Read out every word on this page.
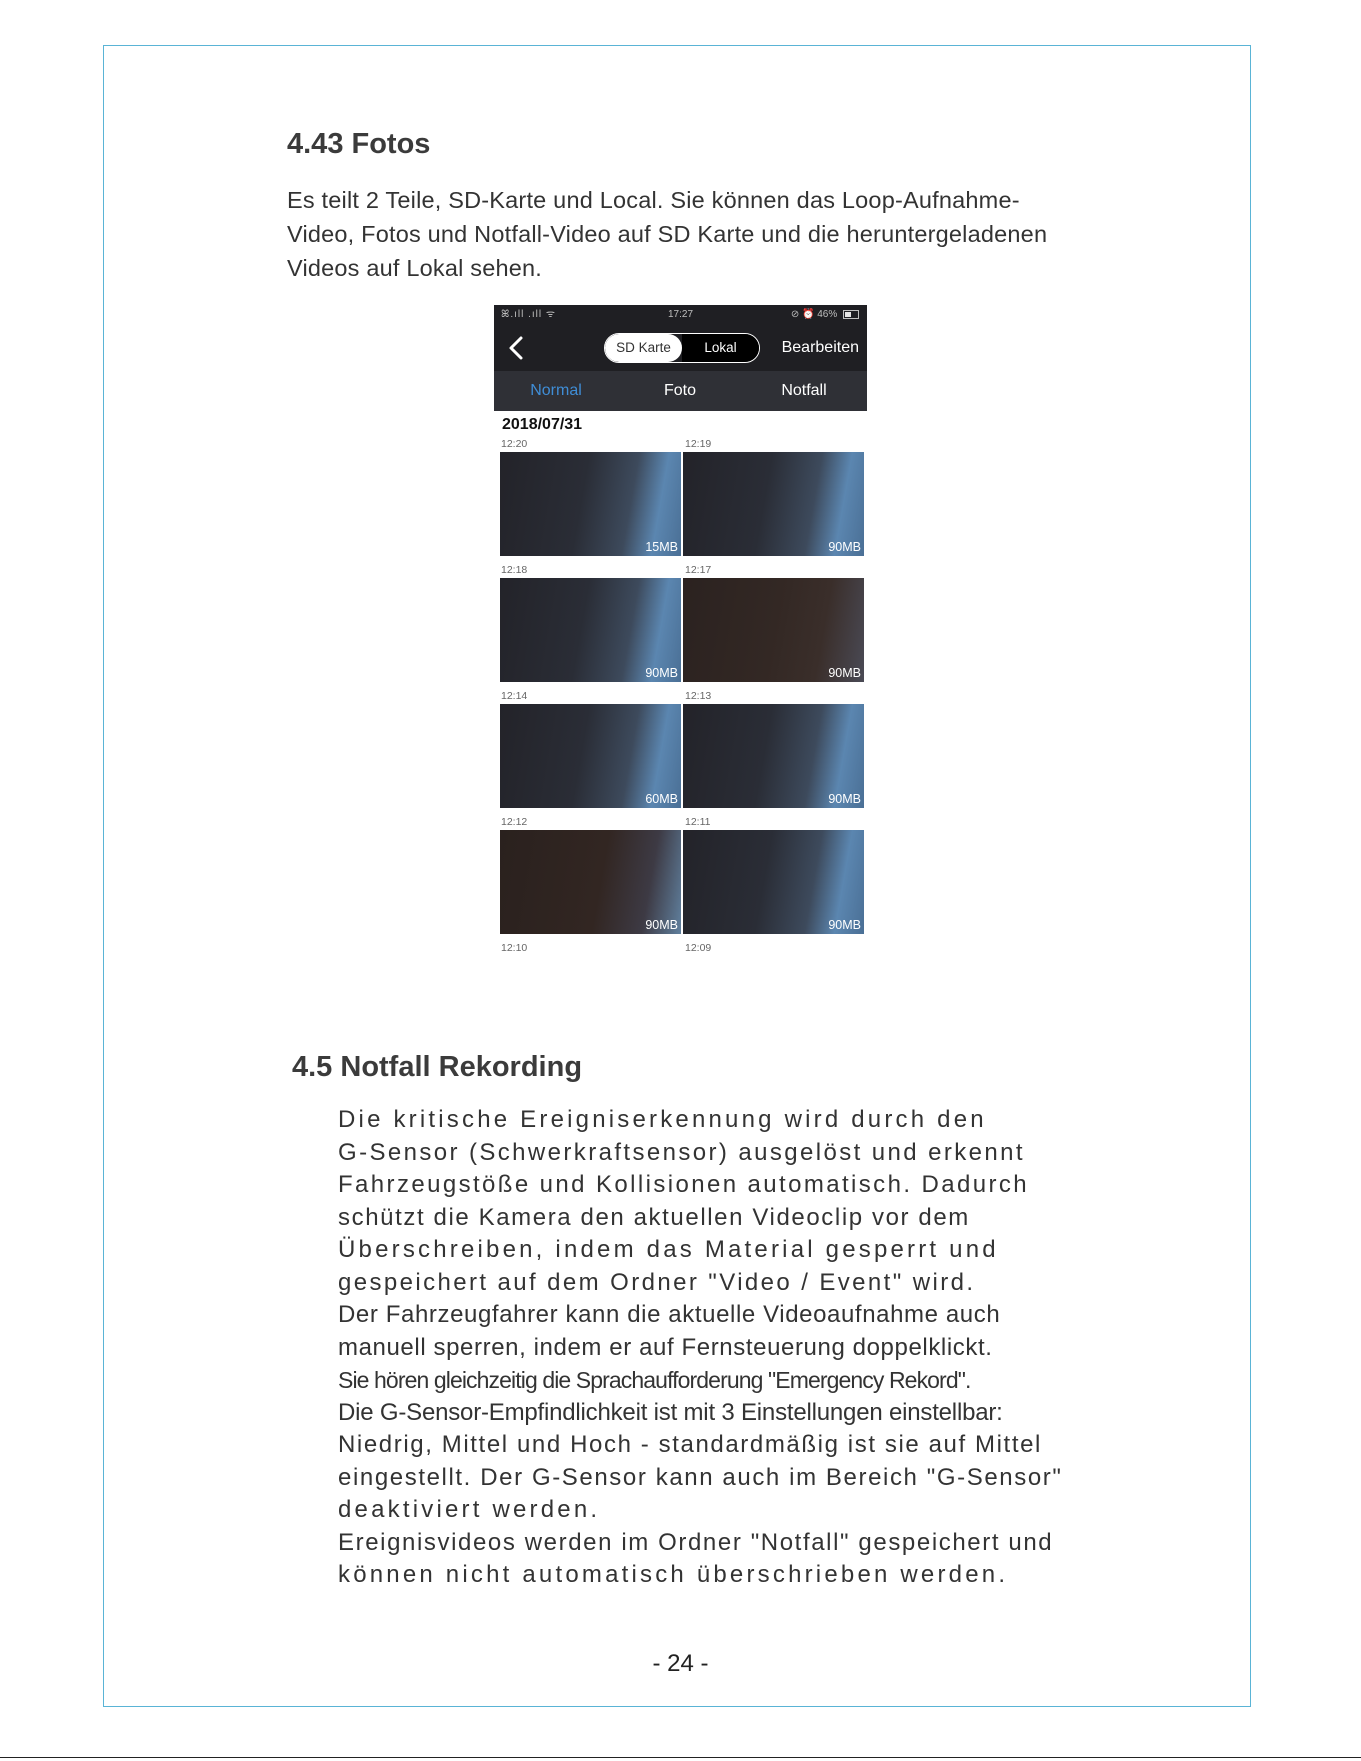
4.43 Fotos

Es teilt 2 Teile, SD-Karte und Local. Sie können das Loop-Aufnahme-

Video, Fotos und Notfall-Video auf SD Karte und die heruntergeladenen

Videos auf Lokal sehen.

ꕤ.ıll .ıll ᯤ	17:27	⊘ ⏰ 46%
SD Karte	Lokal	Bearbeiten
Normal	Foto	Notfall
2018/07/31
12:20	12:19
15MB	90MB
12:18	12:17
90MB	90MB
12:14	12:13
60MB	90MB
12:12	12:11
90MB	90MB
12:10	12:09
4.5 Notfall Rekording

Die kritische Ereigniserkennung wird durch den

G-Sensor (Schwerkraftsensor) ausgelöst und erkennt

Fahrzeugstöße und Kollisionen automatisch. Dadurch

schützt die Kamera den aktuellen Videoclip vor dem

Überschreiben, indem das Material gesperrt und

gespeichert auf dem Ordner "Video / Event" wird.

Der Fahrzeugfahrer kann die aktuelle Videoaufnahme auch

manuell sperren, indem er auf Fernsteuerung doppelklickt.

Sie hören gleichzeitig die Sprachaufforderung "Emergency Rekord".

Die G-Sensor-Empfindlichkeit ist mit 3 Einstellungen einstellbar:

Niedrig, Mittel und Hoch - standardmäßig ist sie auf Mittel

eingestellt. Der G-Sensor kann auch im Bereich "G-Sensor"

deaktiviert werden.

Ereignisvideos werden im Ordner "Notfall" gespeichert und

können nicht automatisch überschrieben werden.

- 24 -
